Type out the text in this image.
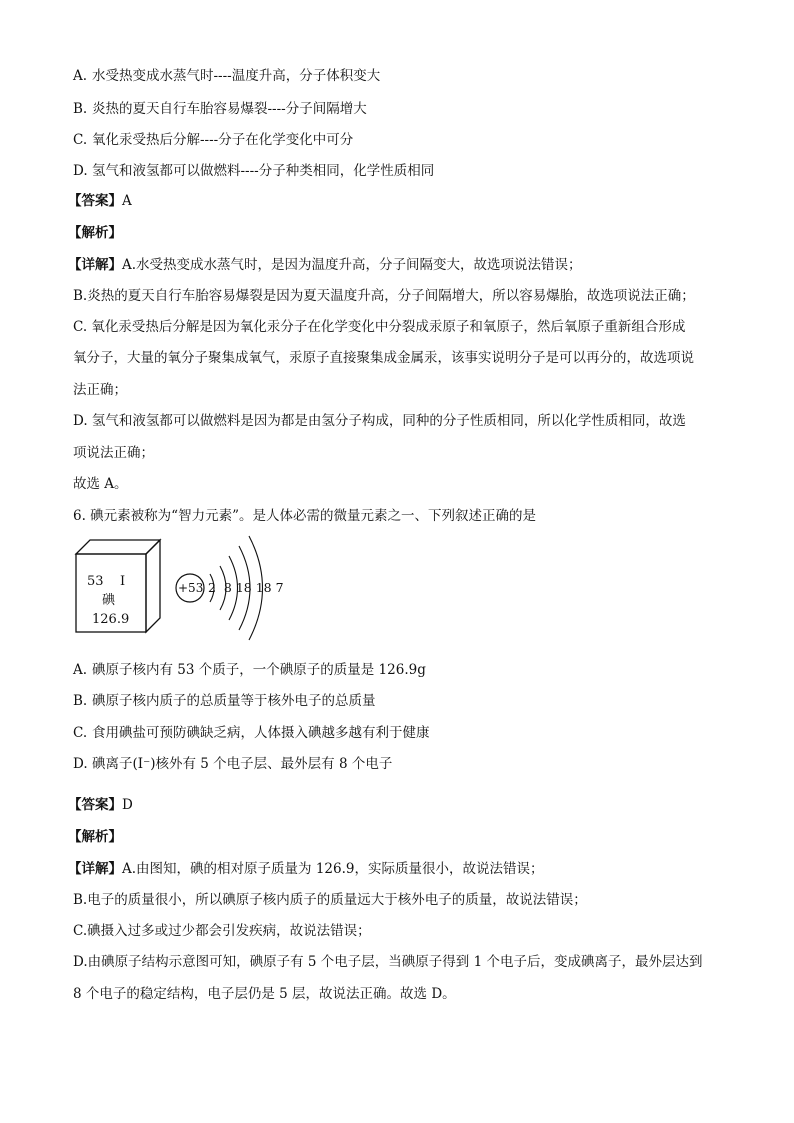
A. 水受热变成水蒸气时----温度升高，分子体积变大
B. 炎热的夏天自行车胎容易爆裂----分子间隔增大
C. 氧化汞受热后分解----分子在化学变化中可分
D. 氢气和液氢都可以做燃料----分子种类相同，化学性质相同
【答案】A
【解析】
【详解】A.水受热变成水蒸气时，是因为温度升高，分子间隔变大，故选项说法错误；
B.炎热的夏天自行车胎容易爆裂是因为夏天温度升高，分子间隔增大，所以容易爆胎，故选项说法正确；
C. 氧化汞受热后分解是因为氧化汞分子在化学变化中分裂成汞原子和氧原子，然后氧原子重新组合形成
氧分子，大量的氧分子聚集成氧气，汞原子直接聚集成金属汞，该事实说明分子是可以再分的，故选项说
法正确；
D. 氢气和液氢都可以做燃料是因为都是由氢分子构成，同种的分子性质相同，所以化学性质相同，故选
项说法正确；
故选 A。
6. 碘元素被称为“智力元素”。是人体必需的微量元素之一、下列叙述正确的是
53 I
碘
126.9
+53 2  8 18 18 7
A. 碘原子核内有 53 个质子，一个碘原子的质量是 126.9g
B. 碘原子核内质子的总质量等于核外电子的总质量
C. 食用碘盐可预防碘缺乏病，人体摄入碘越多越有利于健康
D. 碘离子(I⁻)核外有 5 个电子层、最外层有 8 个电子
【答案】D
【解析】
【详解】A.由图知，碘的相对原子质量为 126.9，实际质量很小，故说法错误；
B.电子的质量很小，所以碘原子核内质子的质量远大于核外电子的质量，故说法错误；
C.碘摄入过多或过少都会引发疾病，故说法错误；
D.由碘原子结构示意图可知，碘原子有 5 个电子层，当碘原子得到 1 个电子后，变成碘离子，最外层达到
8 个电子的稳定结构，电子层仍是 5 层，故说法正确。故选 D。
